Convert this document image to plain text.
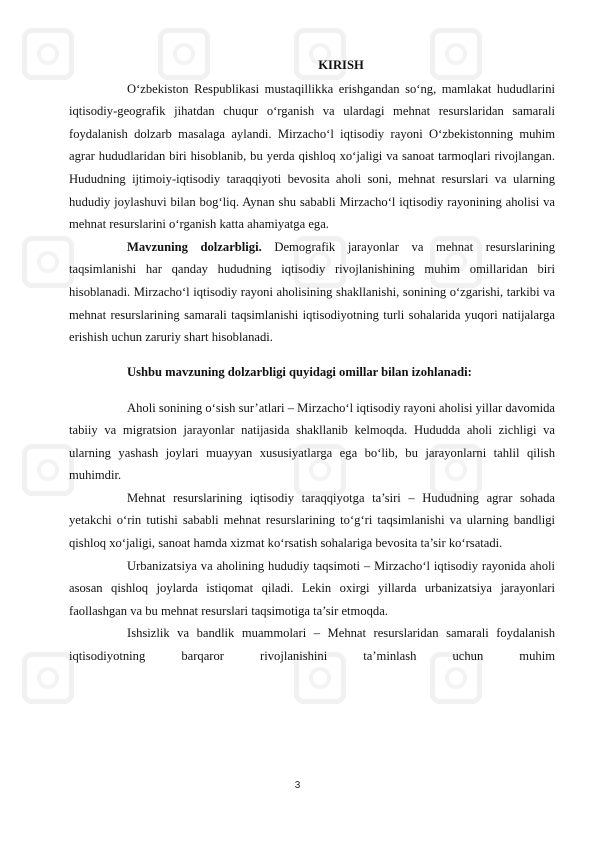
KIRISH

O‘zbekiston Respublikasi mustaqillikka erishgandan so‘ng, mamlakat hududlarini iqtisodiy-geografik jihatdan chuqur o‘rganish va ulardagi mehnat resurslaridan samarali foydalanish dolzarb masalaga aylandi. Mirzacho‘l iqtisodiy rayoni O‘zbekistonning muhim agrar hududlaridan biri hisoblanib, bu yerda qishloq xo‘jaligi va sanoat tarmoqlari rivojlangan. Hududning ijtimoiy-iqtisodiy taraqqiyoti bevosita aholi soni, mehnat resurslari va ularning hududiy joylashuvi bilan bog‘liq. Aynan shu sababli Mirzacho‘l iqtisodiy rayonining aholisi va mehnat resurslarini o‘rganish katta ahamiyatga ega.

Mavzuning dolzarbligi. Demografik jarayonlar va mehnat resurslarining taqsimlanishi har qanday hududning iqtisodiy rivojlanishining muhim omillaridan biri hisoblanadi. Mirzacho‘l iqtisodiy rayoni aholisining shakllanishi, sonining o‘zgarishi, tarkibi va mehnat resurslarining samarali taqsimlanishi iqtisodiyotning turli sohalarida yuqori natijalarga erishish uchun zaruriy shart hisoblanadi.

Ushbu mavzuning dolzarbligi quyidagi omillar bilan izohlanadi:

Aholi sonining o‘sish sur’atlari – Mirzacho‘l iqtisodiy rayoni aholisi yillar davomida tabiiy va migratsion jarayonlar natijasida shakllanib kelmoqda. Hududda aholi zichligi va ularning yashash joylari muayyan xususiyatlarga ega bo‘lib, bu jarayonlarni tahlil qilish muhimdir.

Mehnat resurslarining iqtisodiy taraqqiyotga ta’siri – Hududning agrar sohada yetakchi o‘rin tutishi sababli mehnat resurslarining to‘g‘ri taqsimlanishi va ularning bandligi qishloq xo‘jaligi, sanoat hamda xizmat ko‘rsatish sohalariga bevosita ta’sir ko‘rsatadi.

Urbanizatsiya va aholining hududiy taqsimoti – Mirzacho‘l iqtisodiy rayonida aholi asosan qishloq joylarda istiqomat qiladi. Lekin oxirgi yillarda urbanizatsiya jarayonlari faollashgan va bu mehnat resurslari taqsimotiga ta’sir etmoqda.

Ishsizlik va bandlik muammolari – Mehnat resurslaridan samarali foydalanish iqtisodiyotning barqaror rivojlanishini ta’minlash uchun muhim

3
